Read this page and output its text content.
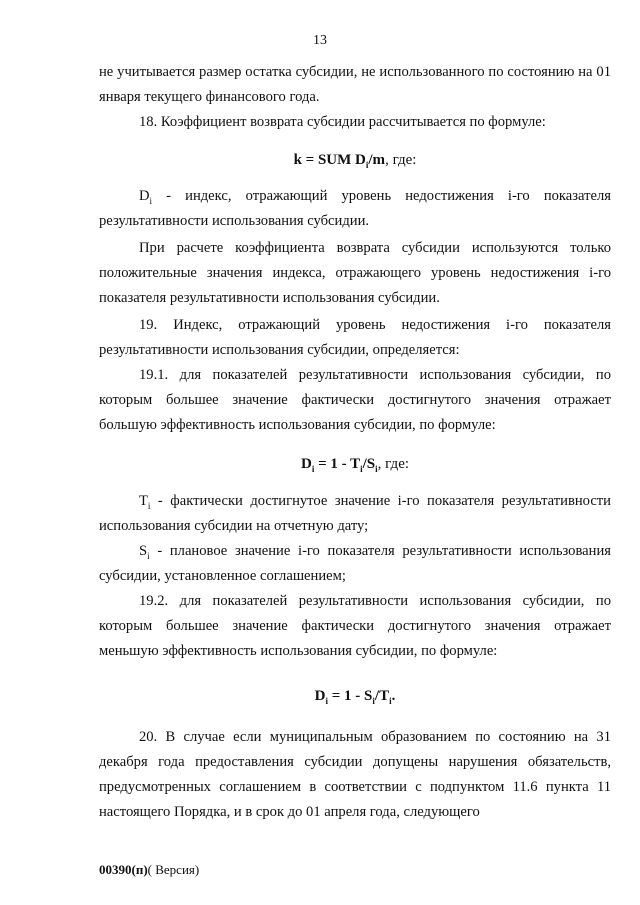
13

не учитывается размер остатка субсидии, не использованного по состоянию на 01 января текущего финансового года.

18. Коэффициент возврата субсидии рассчитывается по формуле:

k = SUM $D_i/m$, где:

$D_i$ - индекс, отражающий уровень недостижения i-го показателя результативности использования субсидии.

При расчете коэффициента возврата субсидии используются только положительные значения индекса, отражающего уровень недостижения i-го показателя результативности использования субсидии.

19. Индекс, отражающий уровень недостижения i-го показателя результативности использования субсидии, определяется:

19.1. для показателей результативности использования субсидии, по которым большее значение фактически достигнутого значения отражает большую эффективность использования субсидии, по формуле:

$D_i = 1 - T_i/S_i$, где:

$T_i$ - фактически достигнутое значение i-го показателя результативности использования субсидии на отчетную дату;

$S_i$ - плановое значение i-го показателя результативности использования субсидии, установленное соглашением;

19.2. для показателей результативности использования субсидии, по которым большее значение фактически достигнутого значения отражает меньшую эффективность использования субсидии, по формуле:

$D_i = 1 - S_i/T_i$.

20. В случае если муниципальным образованием по состоянию на 31 декабря года предоставления субсидии допущены нарушения обязательств, предусмотренных соглашением в соответствии с подпунктом 11.6 пункта 11 настоящего Порядка, и в срок до 01 апреля года, следующего

00390(п)( Версия)
